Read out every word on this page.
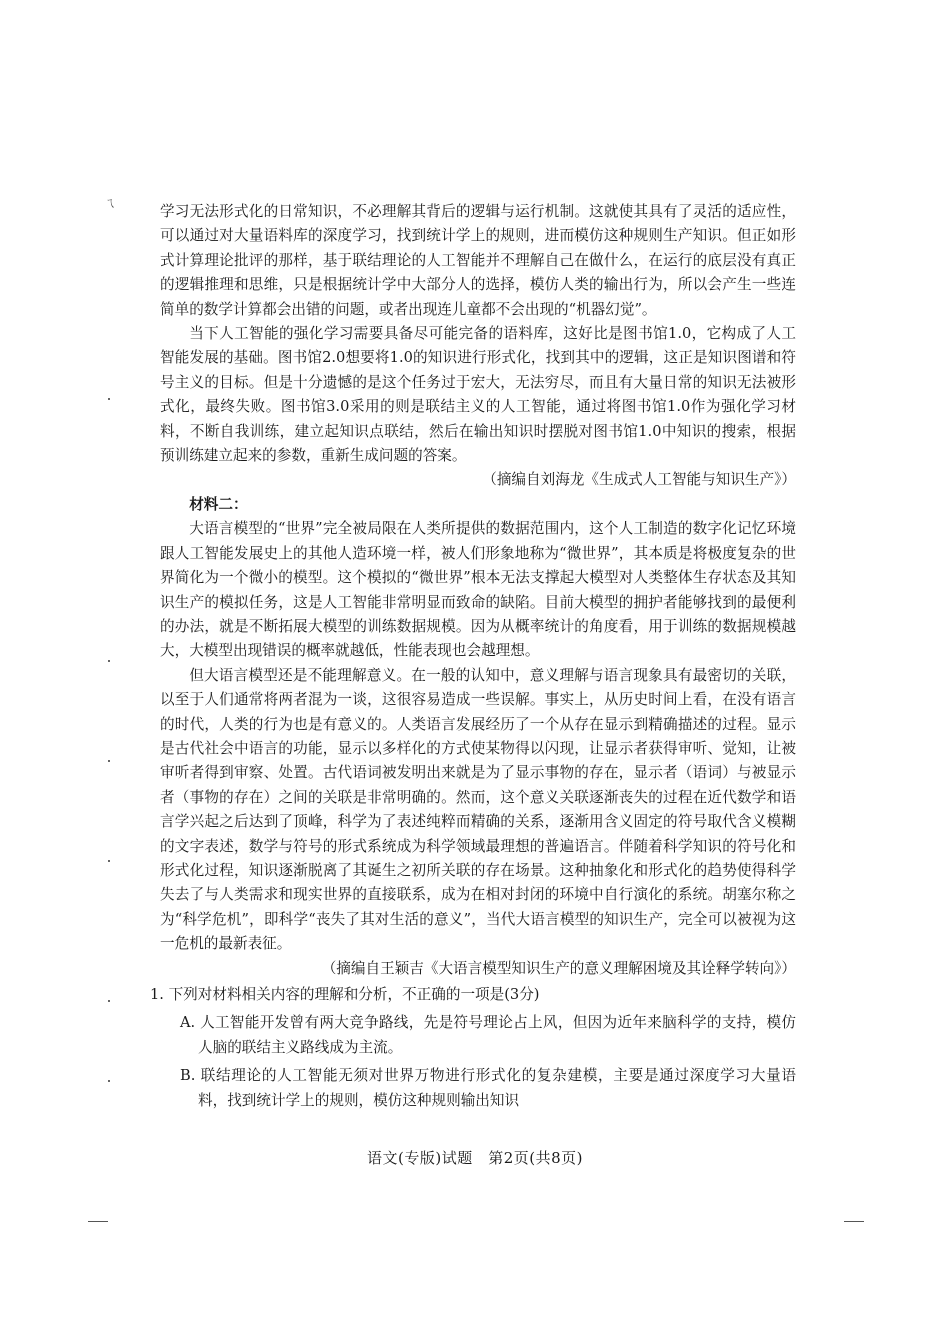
ㄟ	学习无法形式化的日常知识，不必理解其背后的逻辑与运行机制。这就使其具有了灵活的适应性，可以通过对大量语料库的深度学习，找到统计学上的规则，进而模仿这种规则生产知识。但正如形式计算理论批评的那样，基于联结理论的人工智能并不理解自己在做什么，在运行的底层没有真正的逻辑推理和思维，只是根据统计学中大部分人的选择，模仿人类的输出行为，所以会产生一些连简单的数学计算都会出错的问题，或者出现连儿童都不会出现的“机器幻觉”。

当下人工智能的强化学习需要具备尽可能完备的语料库，这好比是图书馆1.0，它构成了人工智能发展的基础。图书馆2.0想要将1.0的知识进行形式化，找到其中的逻辑，这正是知识图谱和符号主义的目标。但是十分遗憾的是这个任务过于宏大，无法穷尽，而且有大量日常的知识无法被形式化，最终失败。图书馆3.0采用的则是联结主义的人工智能，通过将图书馆1.0作为强化学习材料，不断自我训练，建立起知识点联结，然后在输出知识时摆脱对图书馆1.0中知识的搜索，根据预训练建立起来的参数，重新生成问题的答案。

（摘编自刘海龙《生成式人工智能与知识生产》）

材料二：

大语言模型的“世界”完全被局限在人类所提供的数据范围内，这个人工制造的数字化记忆环境跟人工智能发展史上的其他人造环境一样，被人们形象地称为“微世界”，其本质是将极度复杂的世界简化为一个微小的模型。这个模拟的“微世界”根本无法支撑起大模型对人类整体生存状态及其知识生产的模拟任务，这是人工智能非常明显而致命的缺陷。目前大模型的拥护者能够找到的最便利的办法，就是不断拓展大模型的训练数据规模。因为从概率统计的角度看，用于训练的数据规模越大，大模型出现错误的概率就越低，性能表现也会越理想。

但大语言模型还是不能理解意义。在一般的认知中，意义理解与语言现象具有最密切的关联，以至于人们通常将两者混为一谈，这很容易造成一些误解。事实上，从历史时间上看，在没有语言的时代，人类的行为也是有意义的。人类语言发展经历了一个从存在显示到精确描述的过程。显示是古代社会中语言的功能，显示以多样化的方式使某物得以闪现，让显示者获得审听、觉知，让被审听者得到审察、处置。古代语词被发明出来就是为了显示事物的存在，显示者（语词）与被显示者（事物的存在）之间的关联是非常明确的。然而，这个意义关联逐渐丧失的过程在近代数学和语言学兴起之后达到了顶峰，科学为了表述纯粹而精确的关系，逐渐用含义固定的符号取代含义模糊的文字表述，数学与符号的形式系统成为科学领域最理想的普遍语言。伴随着科学知识的符号化和形式化过程，知识逐渐脱离了其诞生之初所关联的存在场景。这种抽象化和形式化的趋势使得科学失去了与人类需求和现实世界的直接联系，成为在相对封闭的环境中自行演化的系统。胡塞尔称之为“科学危机”，即科学“丧失了其对生活的意义”，当代大语言模型的知识生产，完全可以被视为这一危机的最新表征。

（摘编自王颖吉《大语言模型知识生产的意义理解困境及其诠释学转向》）

1. 下列对材料相关内容的理解和分析，不正确的一项是(3分)

A. 人工智能开发曾有两大竞争路线，先是符号理论占上风，但因为近年来脑科学的支持，模仿人脑的联结主义路线成为主流。

B. 联结理论的人工智能无须对世界万物进行形式化的复杂建模，主要是通过深度学习大量语料，找到统计学上的规则，模仿这种规则输出知识

语文(专版)试题　第2页(共8页)
